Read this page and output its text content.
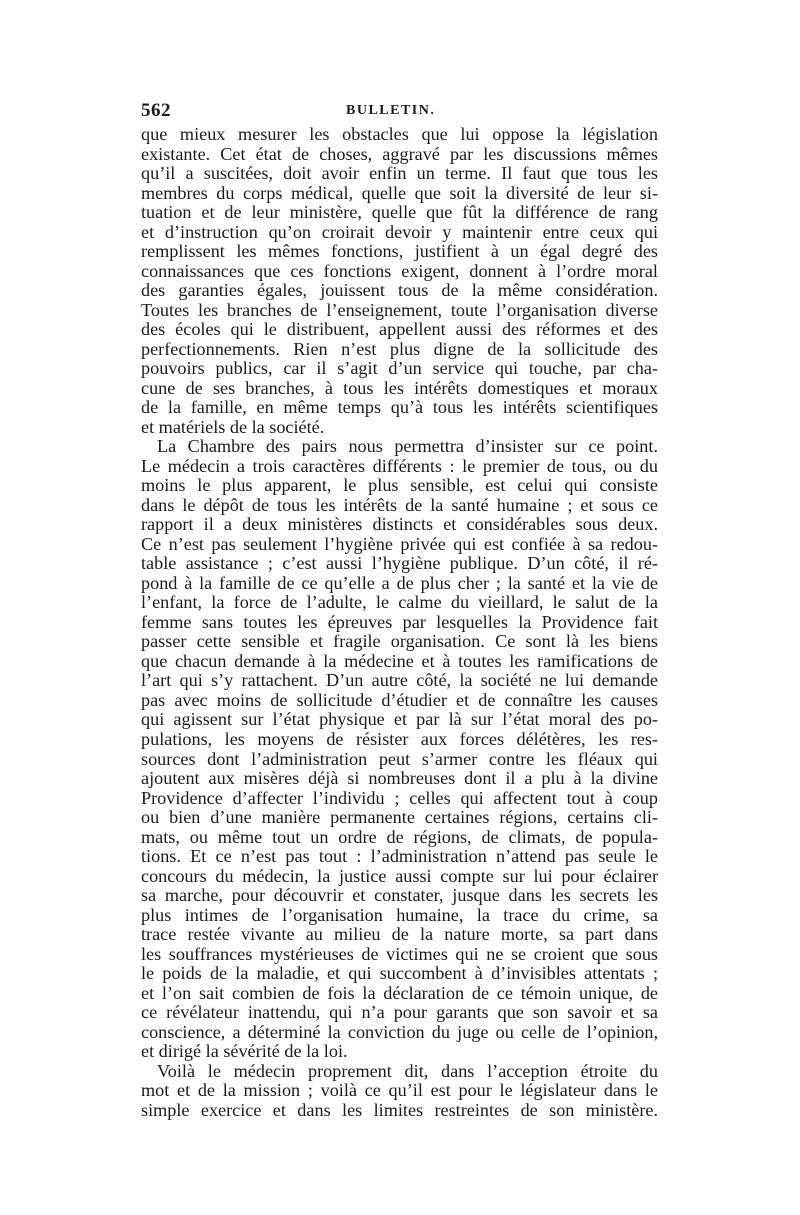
562	BULLETIN.
que mieux mesurer les obstacles que lui oppose la législation
existante. Cet état de choses, aggravé par les discussions mêmes
qu’il a suscitées, doit avoir enfin un terme. Il faut que tous les
membres du corps médical, quelle que soit la diversité de leur si-
tuation et de leur ministère, quelle que fût la différence de rang
et d’instruction qu’on croirait devoir y maintenir entre ceux qui
remplissent les mêmes fonctions, justifient à un égal degré des
connaissances que ces fonctions exigent, donnent à l’ordre moral
des garanties égales, jouissent tous de la même considération.
Toutes les branches de l’enseignement, toute l’organisation diverse
des écoles qui le distribuent, appellent aussi des réformes et des
perfectionnements. Rien n’est plus digne de la sollicitude des
pouvoirs publics, car il s’agit d’un service qui touche, par cha-
cune de ses branches, à tous les intérêts domestiques et moraux
de la famille, en même temps qu’à tous les intérêts scientifiques
et matériels de la société.
La Chambre des pairs nous permettra d’insister sur ce point.
Le médecin a trois caractères différents : le premier de tous, ou du
moins le plus apparent, le plus sensible, est celui qui consiste
dans le dépôt de tous les intérêts de la santé humaine ; et sous ce
rapport il a deux ministères distincts et considérables sous deux.
Ce n’est pas seulement l’hygiène privée qui est confiée à sa redou-
table assistance ; c’est aussi l’hygiène publique. D’un côté, il ré-
pond à la famille de ce qu’elle a de plus cher ; la santé et la vie de
l’enfant, la force de l’adulte, le calme du vieillard, le salut de la
femme sans toutes les épreuves par lesquelles la Providence fait
passer cette sensible et fragile organisation. Ce sont là les biens
que chacun demande à la médecine et à toutes les ramifications de
l’art qui s’y rattachent. D’un autre côté, la société ne lui demande
pas avec moins de sollicitude d’étudier et de connaître les causes
qui agissent sur l’état physique et par là sur l’état moral des po-
pulations, les moyens de résister aux forces délétères, les res-
sources dont l’administration peut s’armer contre les fléaux qui
ajoutent aux misères déjà si nombreuses dont il a plu à la divine
Providence d’affecter l’individu ; celles qui affectent tout à coup
ou bien d’une manière permanente certaines régions, certains cli-
mats, ou même tout un ordre de régions, de climats, de popula-
tions. Et ce n’est pas tout : l’administration n’attend pas seule le
concours du médecin, la justice aussi compte sur lui pour éclairer
sa marche, pour découvrir et constater, jusque dans les secrets les
plus intimes de l’organisation humaine, la trace du crime, sa
trace restée vivante au milieu de la nature morte, sa part dans
les souffrances mystérieuses de victimes qui ne se croient que sous
le poids de la maladie, et qui succombent à d’invisibles attentats ;
et l’on sait combien de fois la déclaration de ce témoin unique, de
ce révélateur inattendu, qui n’a pour garants que son savoir et sa
conscience, a déterminé la conviction du juge ou celle de l’opinion,
et dirigé la sévérité de la loi.
Voilà le médecin proprement dit, dans l’acception étroite du
mot et de la mission ; voilà ce qu’il est pour le législateur dans le
simple exercice et dans les limites restreintes de son ministère.
